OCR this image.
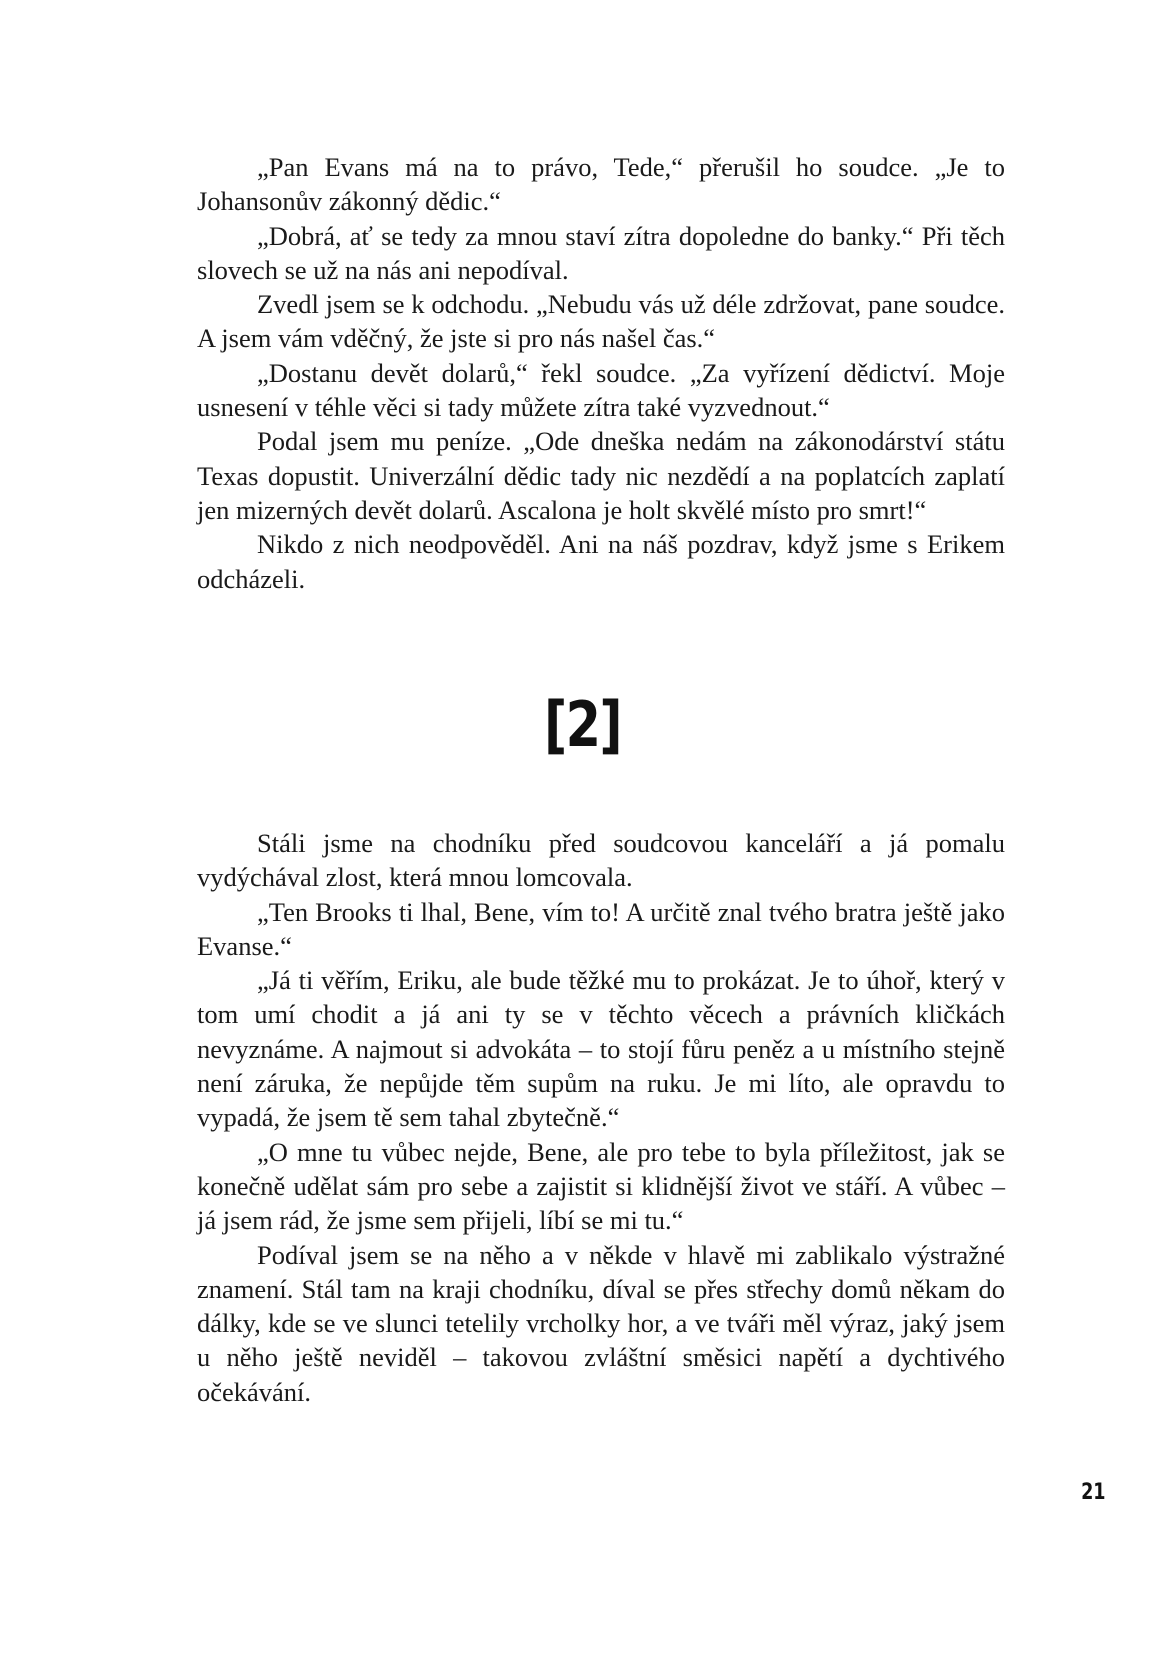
„Pan Evans má na to právo, Tede,“ přerušil ho soudce. „Je to Johansonův zákonný dědic.“

„Dobrá, ať se tedy za mnou staví zítra dopoledne do banky.“ Při těch slovech se už na nás ani nepodíval.

Zvedl jsem se k odchodu. „Nebudu vás už déle zdržovat, pane soudce. A jsem vám vděčný, že jste si pro nás našel čas.“

„Dostanu devět dolarů,“ řekl soudce. „Za vyřízení dědictví. Moje usnesení v téhle věci si tady můžete zítra také vyzvednout.“

Podal jsem mu peníze. „Ode dneška nedám na zákonodárství státu Texas dopustit. Univerzální dědic tady nic nezdědí a na poplatcích zaplatí jen mizerných devět dolarů. Ascalona je holt skvělé místo pro smrt!“

Nikdo z nich neodpověděl. Ani na náš pozdrav, když jsme s Erikem odcházeli.

[2]

Stáli jsme na chodníku před soudcovou kanceláří a já pomalu vydýchával zlost, která mnou lomcovala.

„Ten Brooks ti lhal, Bene, vím to! A určitě znal tvého bratra ještě jako Evanse.“

„Já ti věřím, Eriku, ale bude těžké mu to prokázat. Je to úhoř, který v tom umí chodit a já ani ty se v těchto věcech a právních kličkách nevyznáme. A najmout si advokáta – to stojí fůru peněz a u místního stejně není záruka, že nepůjde těm supům na ruku. Je mi líto, ale opravdu to vypadá, že jsem tě sem tahal zbytečně.“

„O mne tu vůbec nejde, Bene, ale pro tebe to byla příležitost, jak se konečně udělat sám pro sebe a zajistit si klidnější život ve stáří. A vůbec – já jsem rád, že jsme sem přijeli, líbí se mi tu.“

Podíval jsem se na něho a v někde v hlavě mi zablikalo výstražné znamení. Stál tam na kraji chodníku, díval se přes střechy domů někam do dálky, kde se ve slunci tetelily vrcholky hor, a ve tváři měl výraz, jaký jsem u něho ještě neviděl – takovou zvláštní směsici napětí a dychtivého očekávání.

21
